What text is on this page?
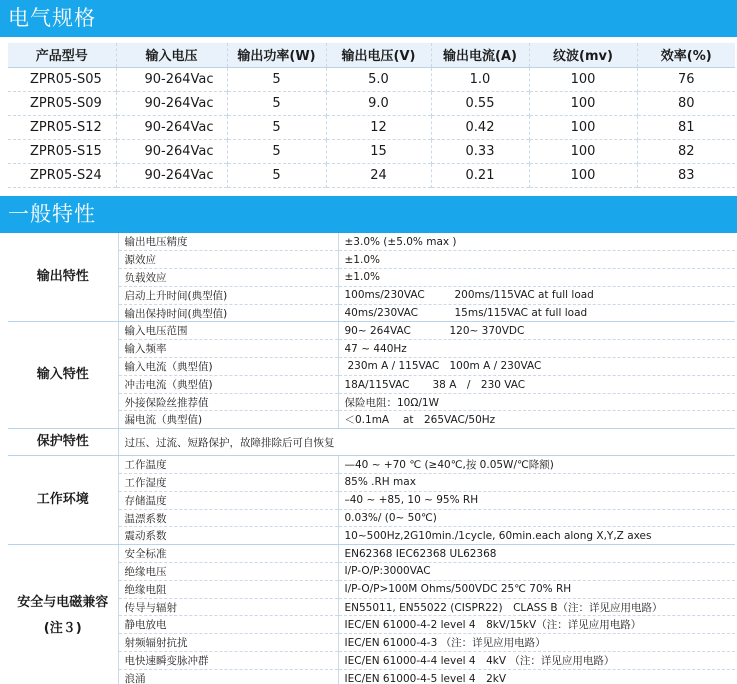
电气规格
产品型号	输入电压	输出功率(W)	输出电压(V)	输出电流(A)	纹波(mv)	效率(%)
ZPR05-S05	90-264Vac	5	5.0	1.0	100	76
ZPR05-S09	90-264Vac	5	9.0	0.55	100	80
ZPR05-S12	90-264Vac	5	12	0.42	100	81
ZPR05-S15	90-264Vac	5	15	0.33	100	82
ZPR05-S24	90-264Vac	5	24	0.21	100	83
一般特性
输出特性	输出电压精度	±3.0% (±5.0% max )
	源效应	±1.0%
	负载效应	±1.0%
	启动上升时间(典型值)	100ms/230VAC 200ms/115VAC at full load
	输出保持时间(典型值)	40ms/230VAC 15ms/115VAC at full load
输入特性	输入电压范围	90~ 264VAC 120~ 370VDC
	输入频率	47 ~ 440Hz
	输入电流（典型值)	230m A / 115VAC 100m A / 230VAC
	冲击电流（典型值)	18A/115VAC 38 A　/　230 VAC
	外接保险丝推荐值	保险电阻：10Ω/1W
	漏电流（典型值)	＜0.1mA　 at　265VAC/50Hz
保护特性	过压、过流、短路保护，故障排除后可自恢复	
工作环境	工作温度	—40 ~ +70 ℃ (≥40℃,按 0.05W/℃降额)
	工作湿度	85% .RH max
	存储温度	–40 ~ +85, 10 ~ 95% RH
	温漂系数	0.03%/ (0~ 50℃)
	震动系数	10~500Hz,2G10min./1cycle, 60min.each along X,Y,Z axes
安全与电磁兼容(注３)	安全标准	EN62368 IEC62368 UL62368
	绝缘电压	I/P-O/P:3000VAC
	绝缘电阻	I/P-O/P>100M Ohms/500VDC 25℃ 70% RH
	传导与辐射	EN55011, EN55022 (CISPR22)　CLASS B（注：详见应用电路）
	静电放电	IEC/EN 61000-4-2 level 4　8kV/15kV（注：详见应用电路）
	射频辐射抗扰	IEC/EN 61000-4-3 （注：详见应用电路）
	电快速瞬变脉冲群	IEC/EN 61000-4-4 level 4　4kV （注：详见应用电路）
	浪涌	IEC/EN 61000-4-5 level 4　2kV
